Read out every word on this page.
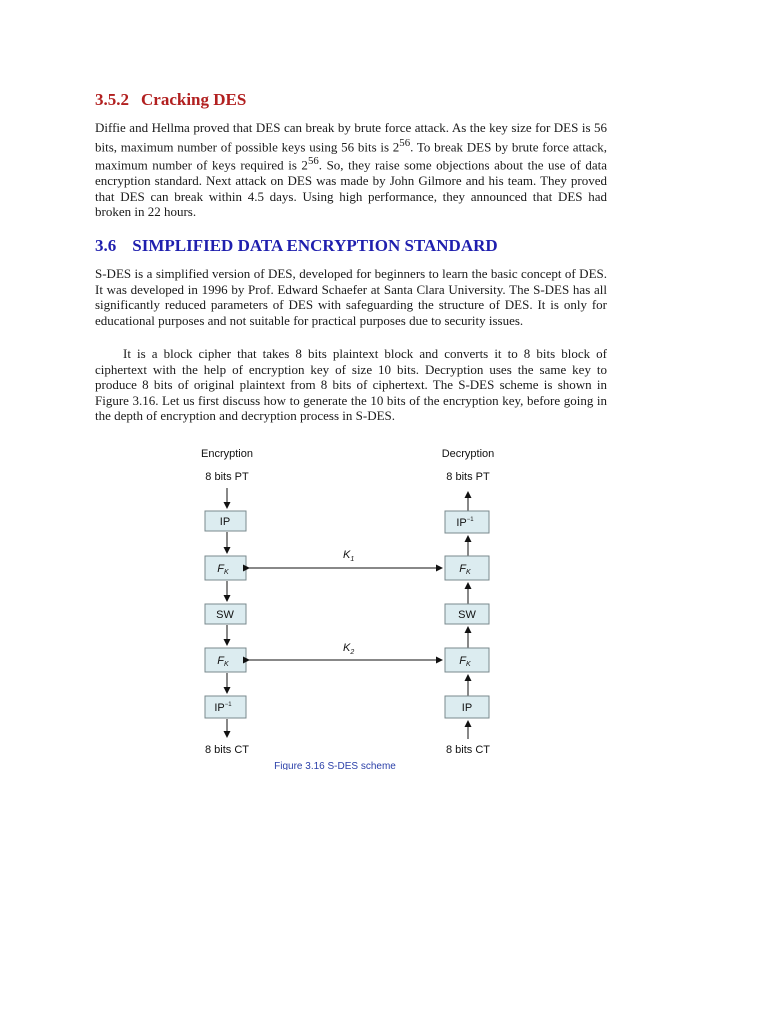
3.5.2 Cracking DES

Diffie and Hellma proved that DES can break by brute force attack. As the key size for DES is 56 bits, maximum number of possible keys using 56 bits is $2^{56}$. To break DES by brute force attack, maximum number of keys required is $2^{56}$. So, they raise some objections about the use of data encryption standard. Next attack on DES was made by John Gilmore and his team. They proved that DES can break within 4.5 days. Using high performance, they announced that DES had broken in 22 hours.

3.6 SIMPLIFIED DATA ENCRYPTION STANDARD

S-DES is a simplified version of DES, developed for beginners to learn the basic concept of DES. It was developed in 1996 by Prof. Edward Schaefer at Santa Clara University. The S-DES has all significantly reduced parameters of DES with safeguarding the structure of DES. It is only for educational purposes and not suitable for practical purposes due to security issues.

It is a block cipher that takes 8 bits plaintext block and converts it to 8 bits block of ciphertext with the help of encryption key of size 10 bits. Decryption uses the same key to produce 8 bits of original plaintext from 8 bits of ciphertext. The S-DES scheme is shown in Figure 3.16. Let us first discuss how to generate the 10 bits of the encryption key, before going in the depth of encryption and decryption process in S-DES.

Encryption
8 bits PT
IP
FK
SW
FK
$IP^{-1}$
8 bits CT
Decryption
8 bits PT
$IP^{-1}$
FK
SW
FK
IP
8 bits CT
$K_1$
$K_2$
Figure 3.16 S-DES scheme
